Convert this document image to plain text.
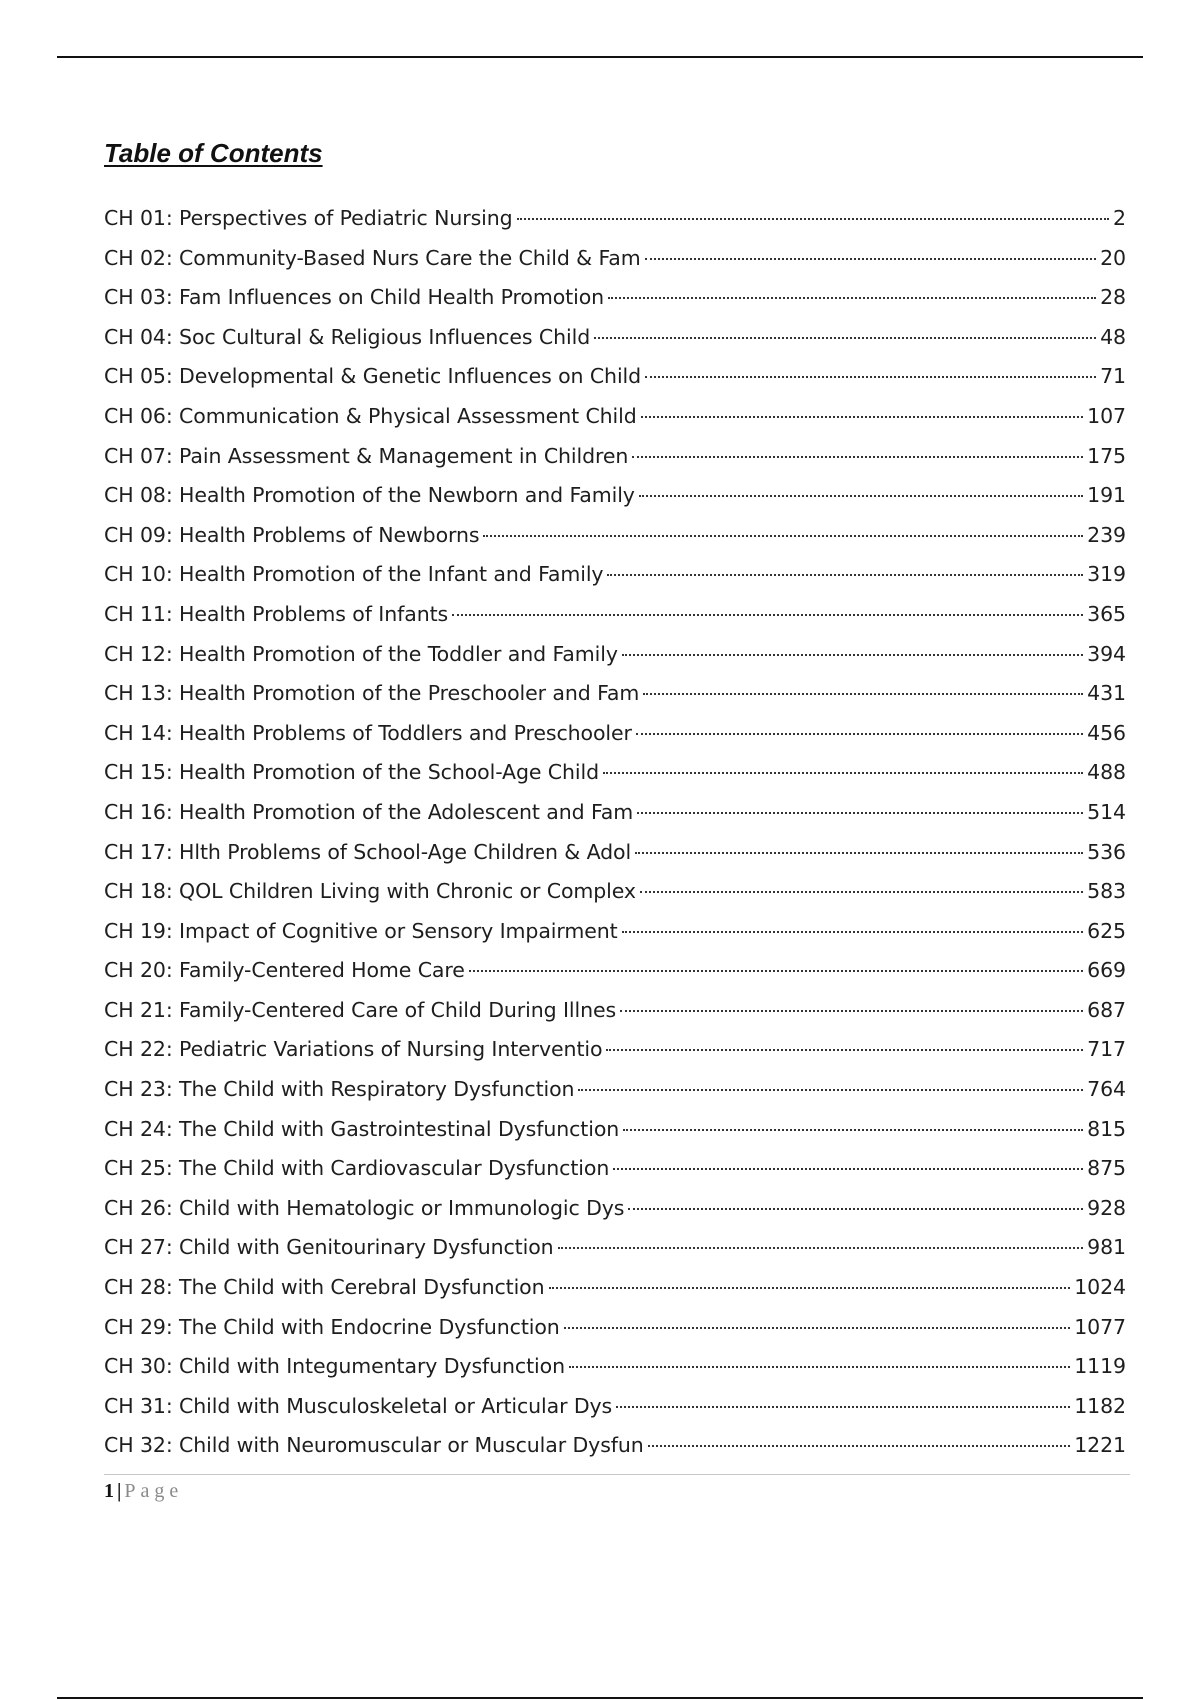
Table of Contents
CH 01: Perspectives of Pediatric Nursing	2
CH 02: Community-Based Nurs Care the Child & Fam	20
CH 03: Fam Influences on Child Health Promotion	28
CH 04: Soc Cultural & Religious Influences Child	48
CH 05: Developmental & Genetic Influences on Child	71
CH 06: Communication & Physical Assessment Child	107
CH 07: Pain Assessment & Management in Children	175
CH 08: Health Promotion of the Newborn and Family	191
CH 09: Health Problems of Newborns	239
CH 10: Health Promotion of the Infant and Family	319
CH 11: Health Problems of Infants	365
CH 12: Health Promotion of the Toddler and Family	394
CH 13: Health Promotion of the Preschooler and Fam	431
CH 14: Health Problems of Toddlers and Preschooler	456
CH 15: Health Promotion of the School-Age Child	488
CH 16: Health Promotion of the Adolescent and Fam	514
CH 17: Hlth Problems of School-Age Children & Adol	536
CH 18: QOL Children Living with Chronic or Complex	583
CH 19: Impact of Cognitive or Sensory Impairment	625
CH 20: Family-Centered Home Care	669
CH 21: Family-Centered Care of Child During Illnes	687
CH 22: Pediatric Variations of Nursing Interventio	717
CH 23: The Child with Respiratory Dysfunction	764
CH 24: The Child with Gastrointestinal Dysfunction	815
CH 25: The Child with Cardiovascular Dysfunction	875
CH 26: Child with Hematologic or Immunologic Dys	928
CH 27: Child with Genitourinary Dysfunction	981
CH 28: The Child with Cerebral Dysfunction	1024
CH 29: The Child with Endocrine Dysfunction	1077
CH 30: Child with Integumentary Dysfunction	1119
CH 31: Child with Musculoskeletal or Articular Dys	1182
CH 32: Child with Neuromuscular or Muscular Dysfun	1221
1 | Page
